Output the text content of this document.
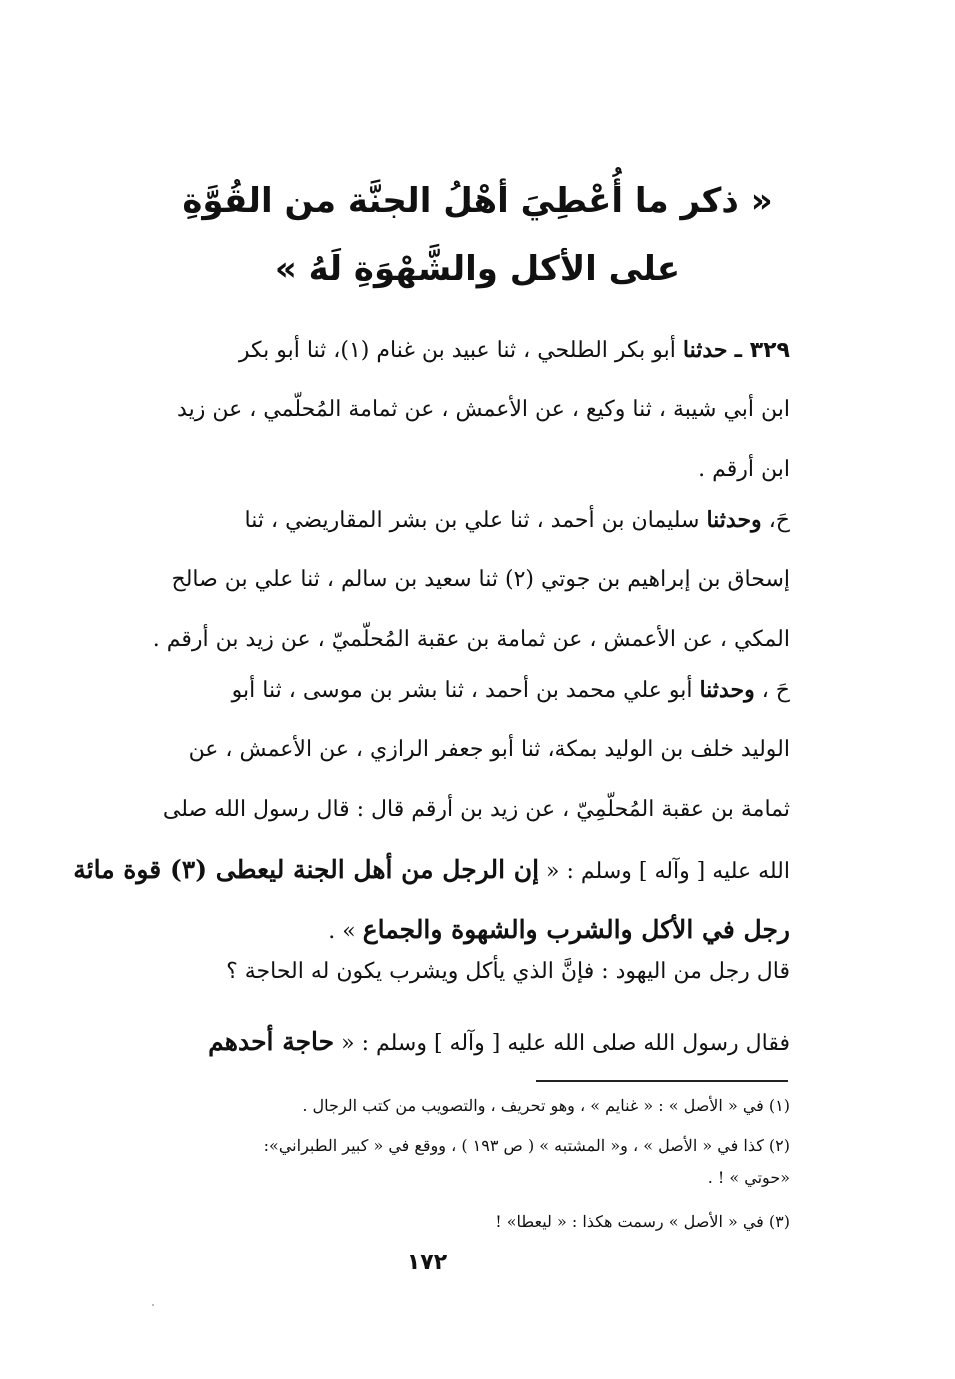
« ذكر ما أُعْطِيَ أهْلُ الجنَّة من القُوَّةِ
على الأكل والشَّهْوَةِ لَهُ »
٣٢٩ ـ حدثنا أبو بكر الطلحي ، ثنا عبيد بن غنام (١)، ثنا أبو بكر
ابن أبي شيبة ، ثنا وكيع ، عن الأعمش ، عن ثمامة المُحلّمي ، عن زيد
ابن أرقم .
حَ، وحدثنا سليمان بن أحمد ، ثنا علي بن بشر المقاريضي ، ثنا
إسحاق بن إبراهيم بن جوتي (٢) ثنا سعيد بن سالم ، ثنا علي بن صالح
المكي ، عن الأعمش ، عن ثمامة بن عقبة المُحلّميّ ، عن زيد بن أرقم .
حَ ، وحدثنا أبو علي محمد بن أحمد ، ثنا بشر بن موسى ، ثنا أبو
الوليد خلف بن الوليد بمكة، ثنا أبو جعفر الرازي ، عن الأعمش ، عن
ثمامة بن عقبة المُحلّمِيّ ، عن زيد بن أرقم قال : قال رسول الله صلى
الله عليه [ وآله ] وسلم : « إن الرجل من أهل الجنة ليعطى (٣) قوة مائة
رجل في الأكل والشرب والشهوة والجماع » .
قال رجل من اليهود : فإنَّ الذي يأكل ويشرب يكون له الحاجة ؟
فقال رسول الله صلى الله عليه [ وآله ] وسلم : « حاجة أحدهم
(١) في « الأصل » : « غنايم » ، وهو تحريف ، والتصويب من كتب الرجال .
(٢) كذا في « الأصل » ، و« المشتبه » ( ص ١٩٣ ) ، ووقع في « كبير الطبراني»:
«حوتي » ! .
(٣) في « الأصل » رسمت هكذا : « ليعطا» !
١٧٢
